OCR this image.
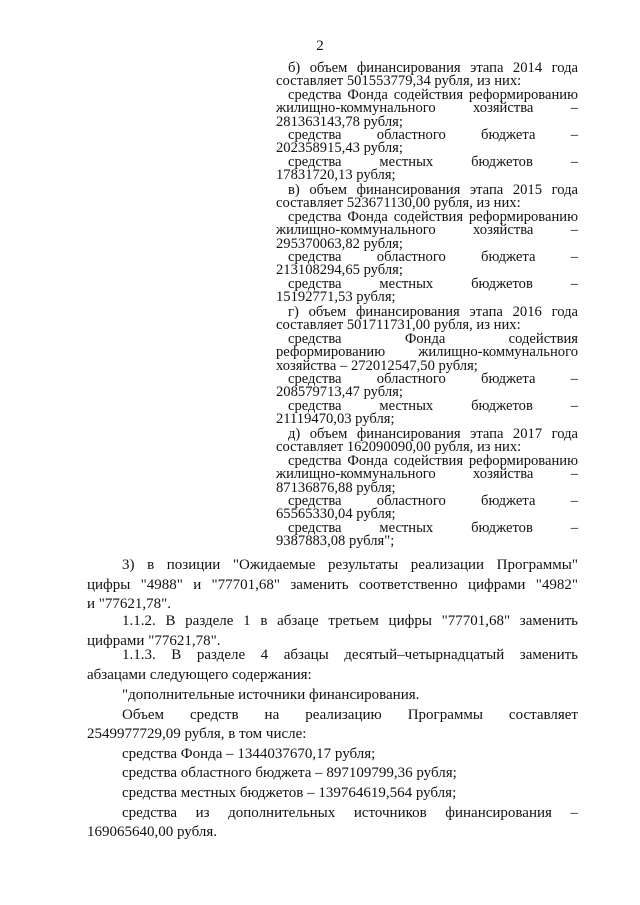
2
б) объем финансирования этапа 2014 года
составляет 501553779,34 рубля, из них:
средства Фонда содействия реформированию
жилищно-коммунального	хозяйства	–
281363143,78 рубля;
средства областного бюджета –
202358915,43 рубля;
средства	местных	бюджетов	–
17831720,13 рубля;
в) объем финансирования этапа 2015 года
составляет 523671130,00 рубля, из них:
средства Фонда содействия реформированию
жилищно-коммунального	хозяйства	–
295370063,82 рубля;
средства областного бюджета –
213108294,65 рубля;
средства	местных	бюджетов	–
15192771,53 рубля;
г) объем финансирования этапа 2016 года
составляет 501711731,00 рубля, из них:
средства	Фонда	содействия
реформированию жилищно-коммунального
хозяйства – 272012547,50 рубля;
средства областного бюджета –
208579713,47 рубля;
средства	местных	бюджетов	–
21119470,03 рубля;
д) объем финансирования этапа 2017 года
составляет 162090090,00 рубля, из них:
средства Фонда содействия реформированию
жилищно-коммунального	хозяйства	–
87136876,88 рубля;
средства областного бюджета –
65565330,04 рубля;
средства	местных	бюджетов	–
9387883,08 рубля";
3) в позиции "Ожидаемые результаты реализации Программы"
цифры "4988" и "77701,68" заменить соответственно цифрами "4982"
и "77621,78".
1.1.2. В разделе 1 в абзаце третьем цифры "77701,68" заменить
цифрами "77621,78".
1.1.3. В разделе 4 абзацы десятый–четырнадцатый заменить
абзацами следующего содержания:
"дополнительные источники финансирования.
Объем средств на реализацию Программы составляет
2549977729,09 рубля, в том числе:
средства Фонда – 1344037670,17 рубля;
средства областного бюджета – 897109799,36 рубля;
средства местных бюджетов – 139764619,564 рубля;
средства из дополнительных источников финансирования –
169065640,00 рубля.
